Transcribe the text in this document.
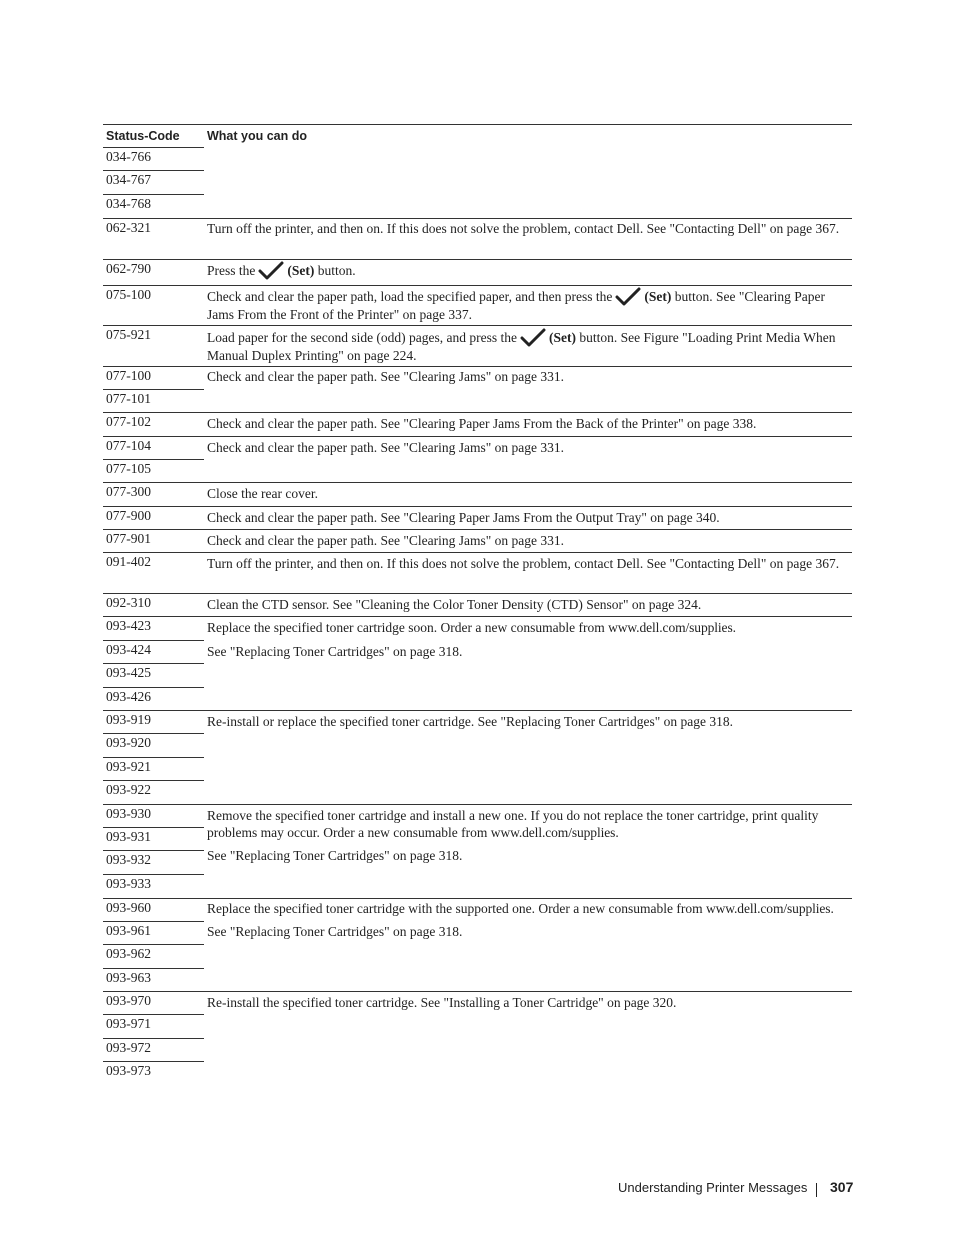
Status-Code What you can do
034-766
034-767
034-768
062-321
062-790
075-100
075-921
077-100
077-101
077-102
077-104
077-105
077-300
077-900
077-901
091-402
092-310
093-423
093-424
093-425
093-426
093-919
093-920
093-921
093-922
093-930
093-931
093-932
093-933
093-960
093-961
093-962
093-963
093-970
093-971
093-972
093-973

Turn off the printer, and then on. If this does not solve the problem, contact Dell. See "Contacting Dell" on page 367.

Press the (Set) button.

Check and clear the paper path, load the specified paper, and then press the (Set) button. See "Clearing Paper Jams From the Front of the Printer" on page 337.

Load paper for the second side (odd) pages, and press the (Set) button. See Figure "Loading Print Media When Manual Duplex Printing" on page 224.

Check and clear the paper path. See "Clearing Jams" on page 331.

Check and clear the paper path. See "Clearing Paper Jams From the Back of the Printer" on page 338.

Check and clear the paper path. See "Clearing Jams" on page 331.

Close the rear cover.

Check and clear the paper path. See "Clearing Paper Jams From the Output Tray" on page 340.

Check and clear the paper path. See "Clearing Jams" on page 331.

Turn off the printer, and then on. If this does not solve the problem, contact Dell. See "Contacting Dell" on page 367.

Clean the CTD sensor. See "Cleaning the Color Toner Density (CTD) Sensor" on page 324.

Replace the specified toner cartridge soon. Order a new consumable from www.dell.com/supplies.

See "Replacing Toner Cartridges" on page 318.

Re-install or replace the specified toner cartridge. See "Replacing Toner Cartridges" on page 318.

Remove the specified toner cartridge and install a new one. If you do not replace the toner cartridge, print quality problems may occur. Order a new consumable from www.dell.com/supplies.

See "Replacing Toner Cartridges" on page 318.

Replace the specified toner cartridge with the supported one. Order a new consumable from www.dell.com/supplies.

See "Replacing Toner Cartridges" on page 318.

Re-install the specified toner cartridge. See "Installing a Toner Cartridge" on page 320.

Understanding Printer Messages 307
